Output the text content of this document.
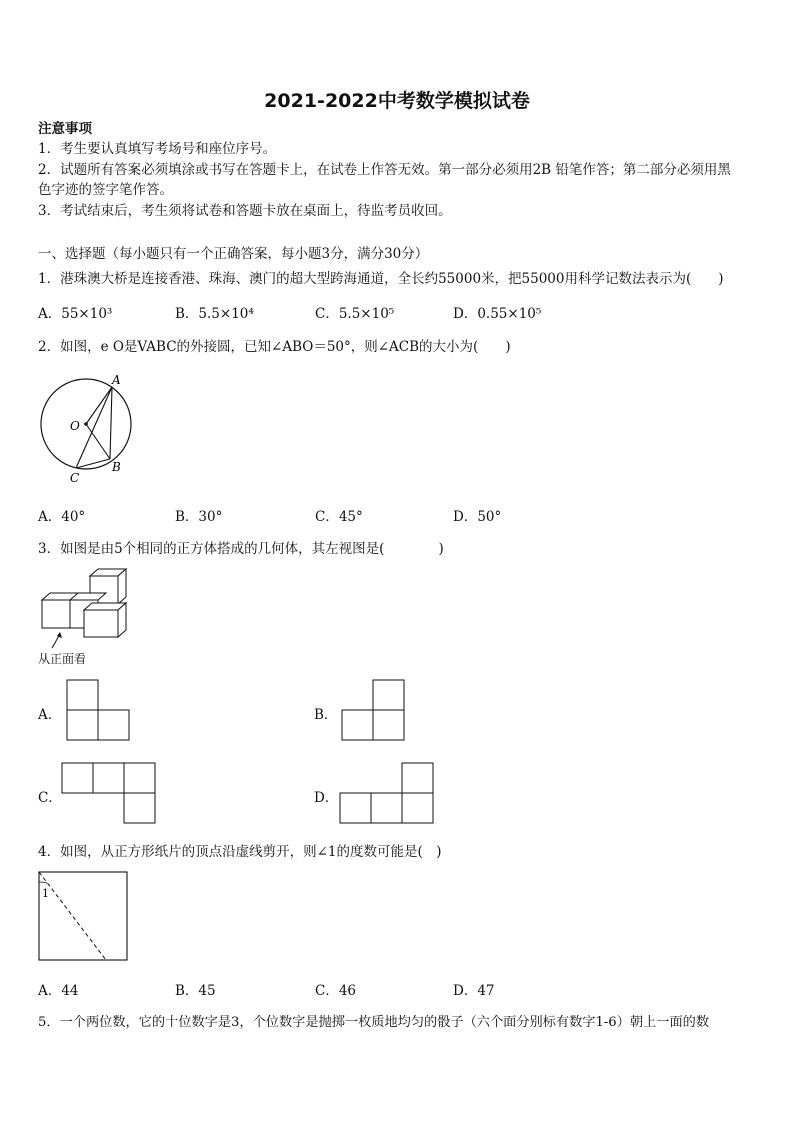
2021-2022中考数学模拟试卷
注意事项
1．考生要认真填写考场号和座位序号。
2．试题所有答案必须填涂或书写在答题卡上，在试卷上作答无效。第一部分必须用2B 铅笔作答；第二部分必须用黑
色字迹的签字笔作答。
3．考试结束后，考生须将试卷和答题卡放在桌面上，待监考员收回。
一、选择题（每小题只有一个正确答案，每小题3分，满分30分）
1．港珠澳大桥是连接香港、珠海、澳门的超大型跨海通道，全长约55000米，把55000用科学记数法表示为(　　)
A．55×10³	B．5.5×10⁴	C．5.5×10⁵	D．0.55×10⁵
2．如图，e O是VABC的外接圆，已知∠ABO＝50°，则∠ACB的大小为(　　)
A
O
B
C
A．40°	B．30°	C．45°	D．50°
3．如图是由5个相同的正方体搭成的几何体，其左视图是(　　　　)
从正面看
A．	B．
C．	D．
4．如图，从正方形纸片的顶点沿虚线剪开，则∠1的度数可能是(　)
1
A．44	B．45	C．46	D．47
5．一个两位数，它的十位数字是3，个位数字是抛掷一枚质地均匀的骰子（六个面分别标有数字1-6）朝上一面的数
